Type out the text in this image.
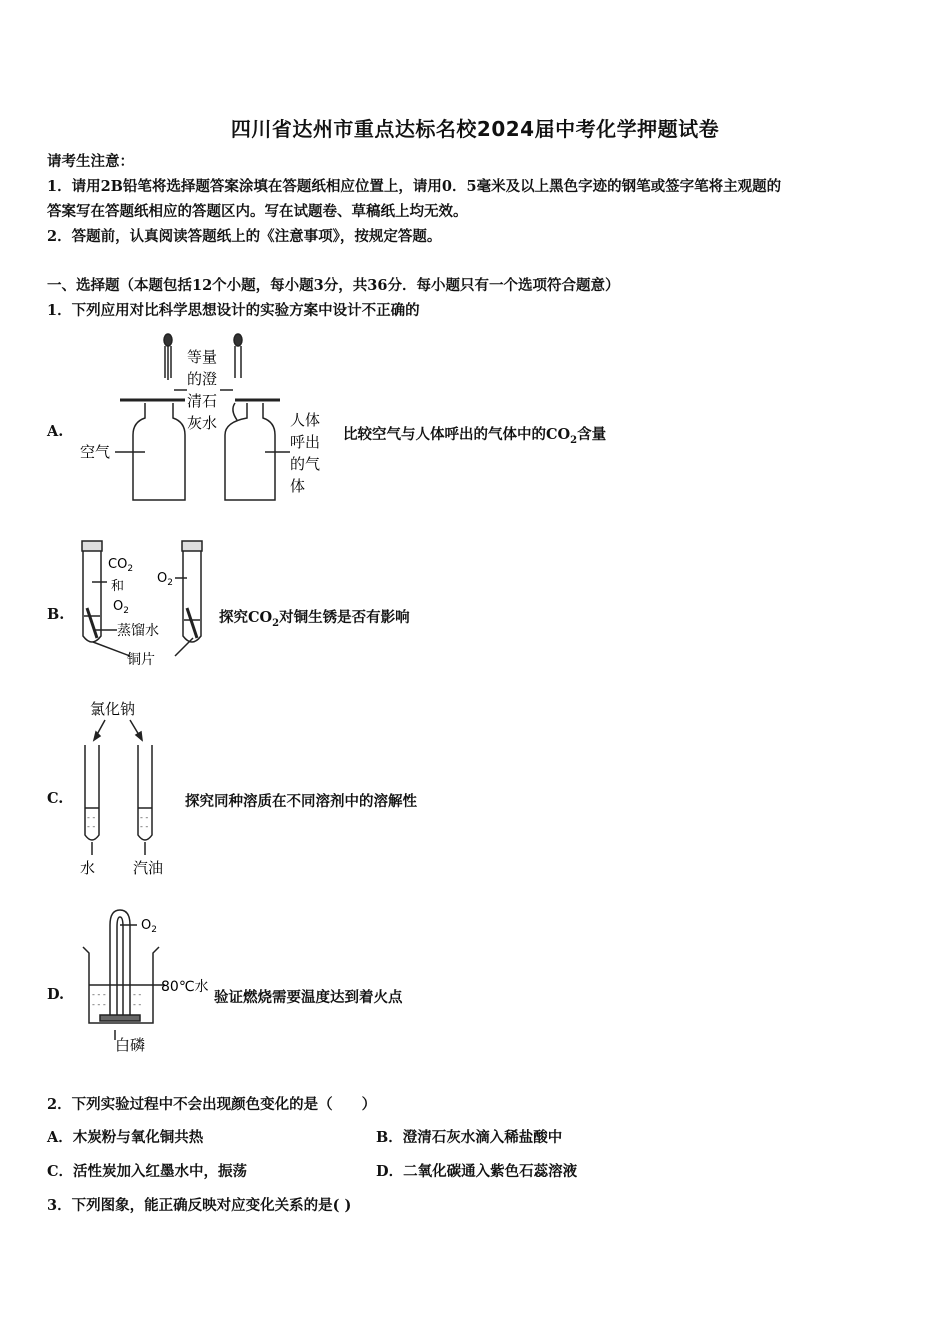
四川省达州市重点达标名校2024届中考化学押题试卷
请考生注意：
1．请用2B铅笔将选择题答案涂填在答题纸相应位置上，请用0．5毫米及以上黑色字迹的钢笔或签字笔将主观题的
答案写在答题纸相应的答题区内。写在试题卷、草稿纸上均无效。
2．答题前，认真阅读答题纸上的《注意事项》，按规定答题。
一、选择题（本题包括12个小题，每小题3分，共36分．每小题只有一个选项符合题意）
1．下列应用对比科学思想设计的实验方案中设计不正确的
A.
等量
的澄
清石
灰水
空气
人体
呼出
的气
体
比较空气与人体呼出的气体中的$CO_2$含量
B.
$CO_2$
和
$O_2$
$O_2$
蒸馏水
铜片
探究$CO_2$对铜生锈是否有影响
C.
- -
- -
- -
- -
氯化钠
水	汽油
探究同种溶质在不同溶剂中的溶解性
D.	- - -
- - -
- -
- -
$O_2$
80℃水
白磷
验证燃烧需要温度达到着火点
2．下列实验过程中不会出现颜色变化的是（　　）
A．木炭粉与氧化铜共热	B．澄清石灰水滴入稀盐酸中
C．活性炭加入红墨水中，振荡	D．二氧化碳通入紫色石蕊溶液
3．下列图象，能正确反映对应变化关系的是( )
